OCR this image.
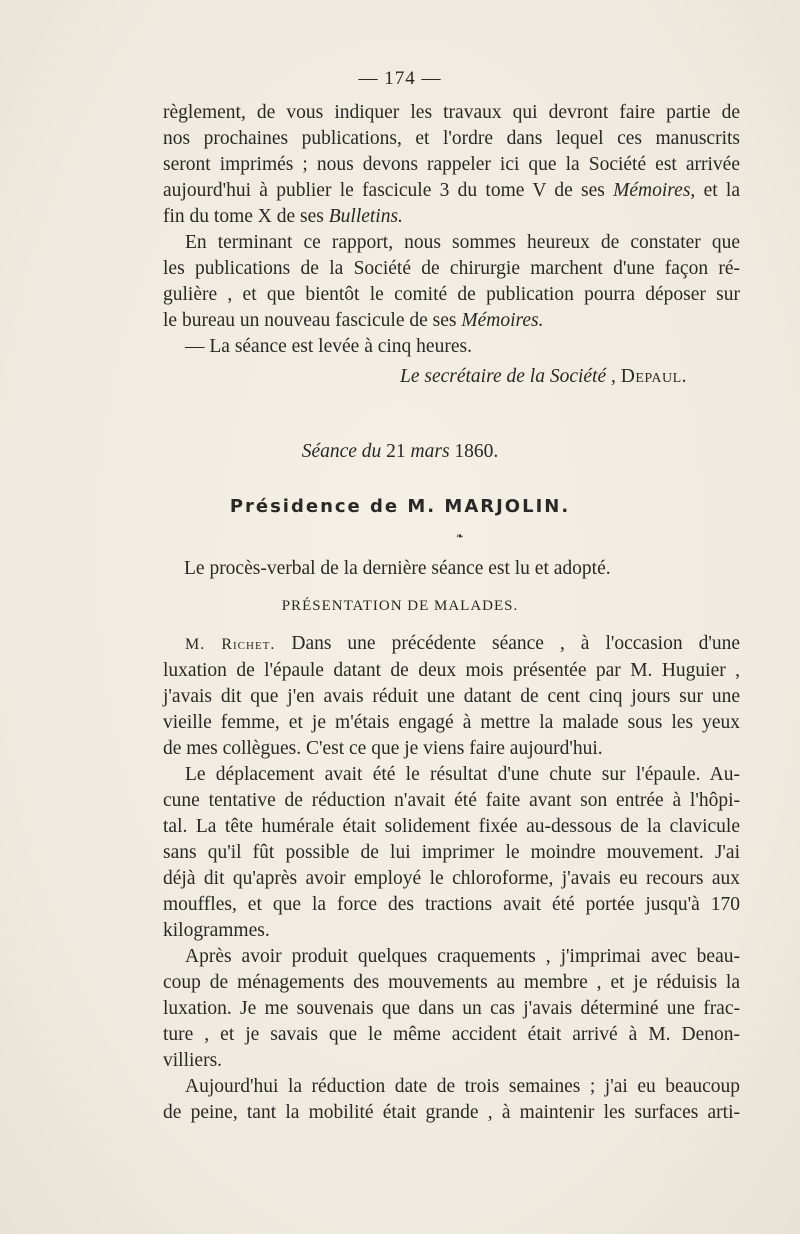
— 174 —

règlement, de vous indiquer les travaux qui devront faire partie de
nos prochaines publications, et l'ordre dans lequel ces manuscrits
seront imprimés ; nous devons rappeler ici que la Société est arrivée
aujourd'hui à publier le fascicule 3 du tome V de ses Mémoires, et la
fin du tome X de ses Bulletins.

En terminant ce rapport, nous sommes heureux de constater que
les publications de la Société de chirurgie marchent d'une façon ré-
gulière , et que bientôt le comité de publication pourra déposer sur
le bureau un nouveau fascicule de ses Mémoires.

— La séance est levée à cinq heures.

Le secrétaire de la Société , Depaul.
Séance du 21 mars 1860.
Présidence de M. MARJOLIN.
❧
Le procès-verbal de la dernière séance est lu et adopté.
PRÉSENTATION DE MALADES.

M. Richet. Dans une précédente séance , à l'occasion d'une
luxation de l'épaule datant de deux mois présentée par M. Huguier ,
j'avais dit que j'en avais réduit une datant de cent cinq jours sur une
vieille femme, et je m'étais engagé à mettre la malade sous les yeux
de mes collègues. C'est ce que je viens faire aujourd'hui.

Le déplacement avait été le résultat d'une chute sur l'épaule. Au-
cune tentative de réduction n'avait été faite avant son entrée à l'hôpi-
tal. La tête humérale était solidement fixée au-dessous de la clavicule
sans qu'il fût possible de lui imprimer le moindre mouvement. J'ai
déjà dit qu'après avoir employé le chloroforme, j'avais eu recours aux
mouffles, et que la force des tractions avait été portée jusqu'à 170
kilogrammes.

Après avoir produit quelques craquements , j'imprimai avec beau-
coup de ménagements des mouvements au membre , et je réduisis la
luxation. Je me souvenais que dans un cas j'avais déterminé une frac-
ture , et je savais que le même accident était arrivé à M. Denon-
villiers.

Aujourd'hui la réduction date de trois semaines ; j'ai eu beaucoup
de peine, tant la mobilité était grande , à maintenir les surfaces arti-
